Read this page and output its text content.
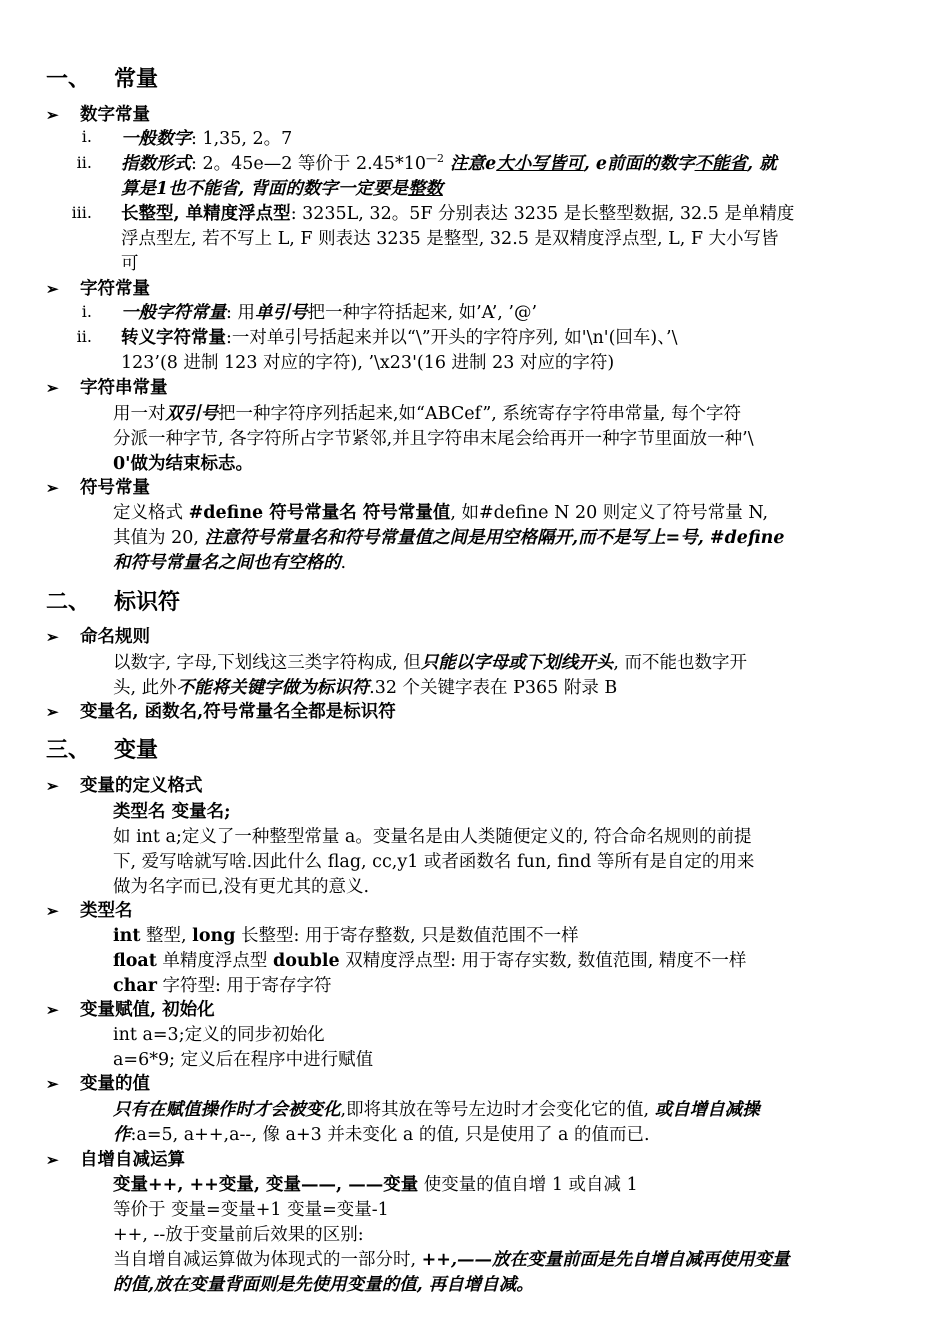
一、 常量
➢ 数字常量
i. 一般数字: 1,35, 2。7
ii. 指数形式: 2。45e—2 等价于 $2.45*10^{—2}$ 注意e大小写皆可, e前面的数字不能省, 就
算是1也不能省, 背面的数字一定要是整数
iii. 长整型, 单精度浮点型: 3235L, 32。5F 分别表达 3235 是长整型数据, 32.5 是单精度
浮点型左, 若不写上 L, F 则表达 3235 是整型, 32.5 是双精度浮点型, L, F 大小写皆
可
➢ 字符常量
i. 一般字符常量: 用单引号把一种字符括起来, 如’A’, ’@’
ii. 转义字符常量:一对单引号括起来并以“\”开头的字符序列, 如'\n'(回车)、’\
123’(8 进制 123 对应的字符), ’\x23'(16 进制 23 对应的字符)
➢ 字符串常量
用一对双引号把一种字符序列括起来,如“ABCef”, 系统寄存字符串常量, 每个字符
分派一种字节, 各字符所占字节紧邻,并且字符串末尾会给再开一种字节里面放一种’\
0'做为结束标志。
➢ 符号常量
定义格式 #define 符号常量名 符号常量值, 如#define N 20 则定义了符号常量 N,
其值为 20, 注意符号常量名和符号常量值之间是用空格隔开,而不是写上=号, #define
和符号常量名之间也有空格的.
二、 标识符
➢ 命名规则
以数字, 字母,下划线这三类字符构成, 但只能以字母或下划线开头, 而不能也数字开
头, 此外不能将关键字做为标识符.32 个关键字表在 P365 附录 B
➢ 变量名, 函数名,符号常量名全都是标识符
三、 变量
➢ 变量的定义格式
类型名 变量名;
如 int a;定义了一种整型常量 a。变量名是由人类随便定义的, 符合命名规则的前提
下, 爱写啥就写啥.因此什么 flag, cc,y1 或者函数名 fun, find 等所有是自定的用来
做为名字而已,没有更尤其的意义.
➢ 类型名
int 整型, long 长整型: 用于寄存整数, 只是数值范围不一样
float 单精度浮点型 double 双精度浮点型: 用于寄存实数, 数值范围, 精度不一样
char 字符型: 用于寄存字符
➢ 变量赋值, 初始化
int a=3;定义的同步初始化
a=6*9; 定义后在程序中进行赋值
➢ 变量的值
只有在赋值操作时才会被变化,即将其放在等号左边时才会变化它的值, 或自增自减操
作:a=5, a++,a--, 像 a+3 并未变化 a 的值, 只是使用了 a 的值而已.
➢ 自增自减运算
变量++, ++变量, 变量——, ——变量 使变量的值自增 1 或自减 1
等价于 变量=变量+1 变量=变量-1
++, --放于变量前后效果的区别:
当自增自减运算做为体现式的一部分时, ++,——放在变量前面是先自增自减再使用变量
的值,放在变量背面则是先使用变量的值, 再自增自减。
